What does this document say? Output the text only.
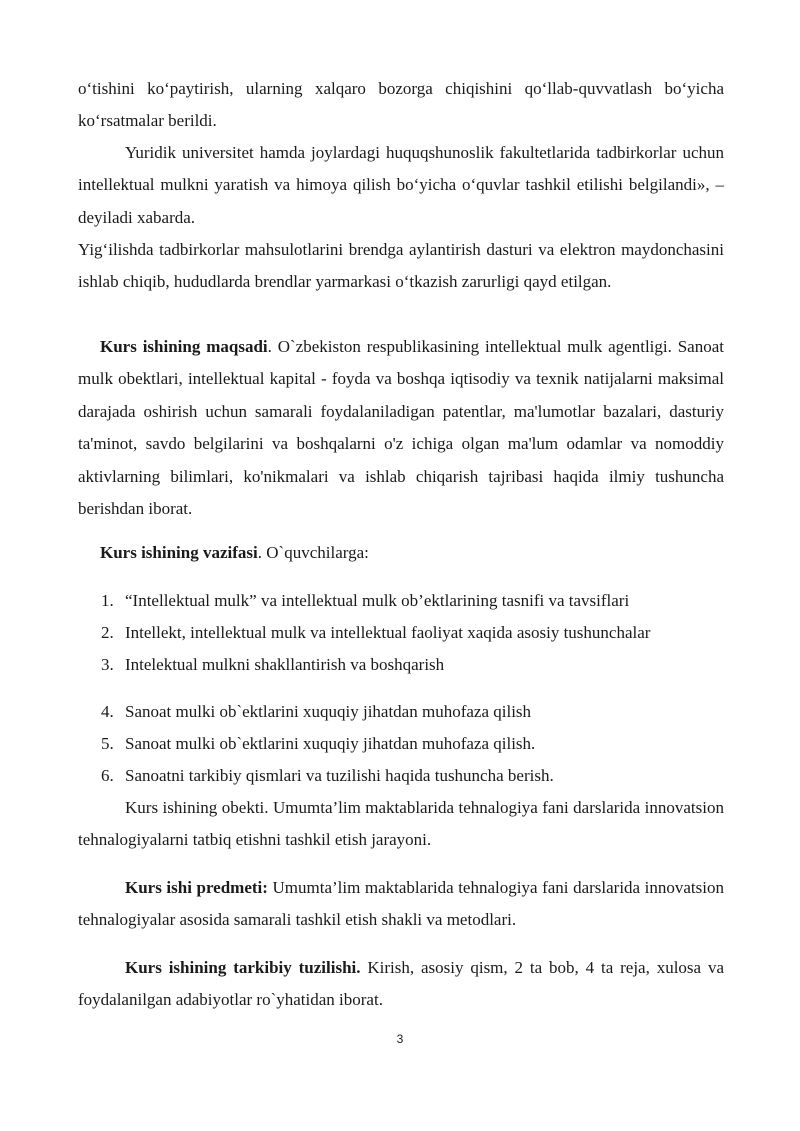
o‘tishini ko‘paytirish, ularning xalqaro bozorga chiqishini qo‘llab-quvvatlash bo‘yicha ko‘rsatmalar berildi.

Yuridik universitet hamda joylardagi huquqshunoslik fakultetlarida tadbirkorlar uchun intellektual mulkni yaratish va himoya qilish bo‘yicha o‘quvlar tashkil etilishi belgilandi», – deyiladi xabarda.

Yig‘ilishda tadbirkorlar mahsulotlarini brendga aylantirish dasturi va elektron maydonchasini ishlab chiqib, hududlarda brendlar yarmarkasi o‘tkazish zarurligi qayd etilgan.

Kurs ishining maqsadi. O`zbekiston respublikasining intellektual mulk agentligi. Sanoat mulk obektlari, intellektual kapital - foyda va boshqa iqtisodiy va texnik natijalarni maksimal darajada oshirish uchun samarali foydalaniladigan patentlar, ma'lumotlar bazalari, dasturiy ta'minot, savdo belgilarini va boshqalarni o'z ichiga olgan ma'lum odamlar va nomoddiy aktivlarning bilimlari, ko'nikmalari va ishlab chiqarish tajribasi haqida ilmiy tushuncha berishdan iborat.

Kurs ishining vazifasi. O`quvchilarga:

1. “Intellektual mulk” va intellektual mulk ob’ektlarining tasnifi va tavsiflari
2. Intellekt, intellektual mulk va intellektual faoliyat xaqida asosiy tushunchalar
3. Intelektual mulkni shakllantirish va boshqarish
4. Sanoat mulki ob`ektlarini xuquqiy jihatdan muhofaza qilish
5. Sanoat mulki ob`ektlarini xuquqiy jihatdan muhofaza qilish.
6. Sanoatni tarkibiy qismlari va tuzilishi haqida tushuncha berish.

Kurs ishining obekti. Umumta’lim maktablarida tehnalogiya fani darslarida innovatsion tehnalogiyalarni tatbiq etishni tashkil etish jarayoni.

Kurs ishi predmeti: Umumta’lim maktablarida tehnalogiya fani darslarida innovatsion tehnalogiyalar asosida samarali tashkil etish shakli va metodlari.

Kurs ishining tarkibiy tuzilishi. Kirish, asosiy qism, 2 ta bob, 4 ta reja, xulosa va foydalanilgan adabiyotlar ro`yhatidan iborat.

3
